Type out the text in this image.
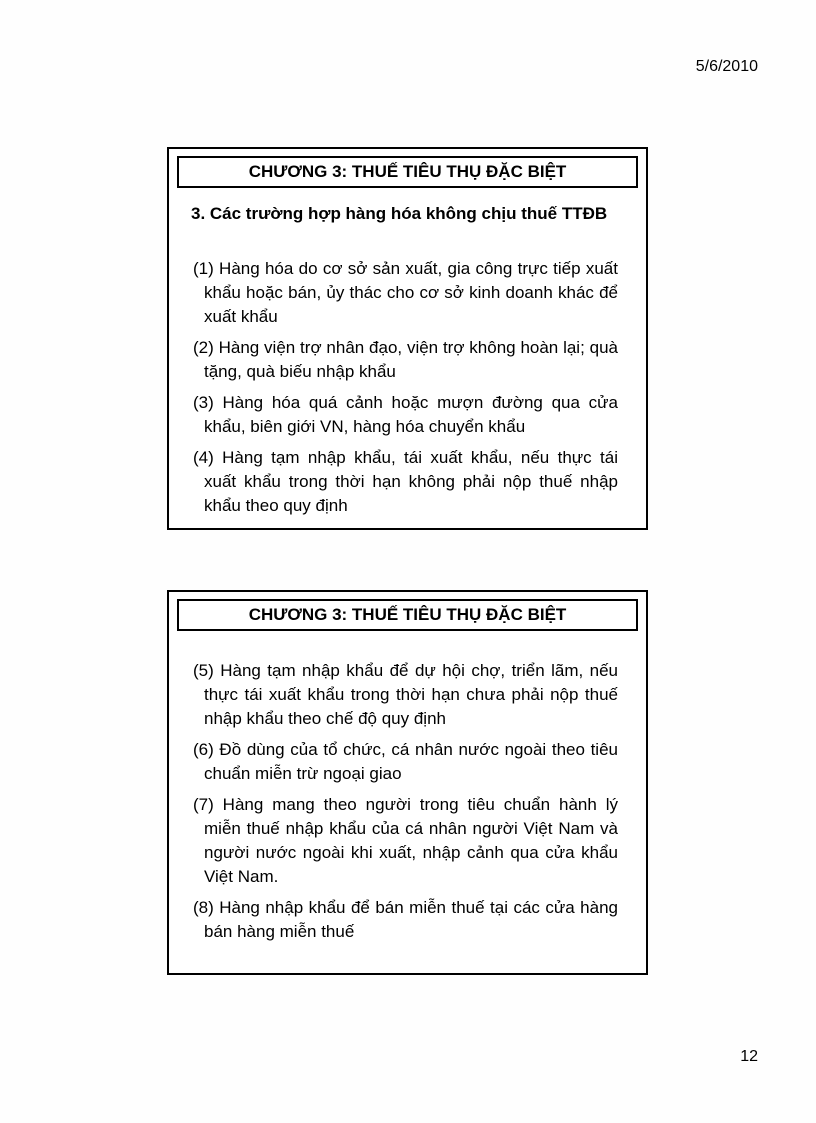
5/6/2010
CHƯƠNG 3: THUẾ TIÊU THỤ ĐẶC BIỆT
3. Các trường hợp hàng hóa không chịu thuế TTĐB
(1) Hàng hóa do cơ sở sản xuất, gia công trực tiếp xuất khẩu hoặc bán, ủy thác cho cơ sở kinh doanh khác để xuất khẩu
(2) Hàng viện trợ nhân đạo, viện trợ không hoàn lại; quà tặng, quà biếu nhập khẩu
(3) Hàng hóa quá cảnh hoặc mượn đường qua cửa khẩu, biên giới VN, hàng hóa chuyển khẩu
(4) Hàng tạm nhập khẩu, tái xuất khẩu, nếu thực tái xuất khẩu trong thời hạn không phải nộp thuế nhập khẩu theo quy định
CHƯƠNG 3: THUẾ TIÊU THỤ ĐẶC BIỆT
(5) Hàng tạm nhập khẩu để dự hội chợ, triển lãm, nếu thực tái xuất khẩu trong thời hạn chưa phải nộp thuế nhập khẩu theo chế độ quy định
(6) Đồ dùng của tổ chức, cá nhân nước ngoài theo tiêu chuẩn miễn trừ ngoại giao
(7) Hàng mang theo người trong tiêu chuẩn hành lý miễn thuế nhập khẩu của cá nhân người Việt Nam và người nước ngoài khi xuất, nhập cảnh qua cửa khẩu Việt Nam.
(8) Hàng nhập khẩu để bán miễn thuế tại các cửa hàng bán hàng miễn thuế
12
